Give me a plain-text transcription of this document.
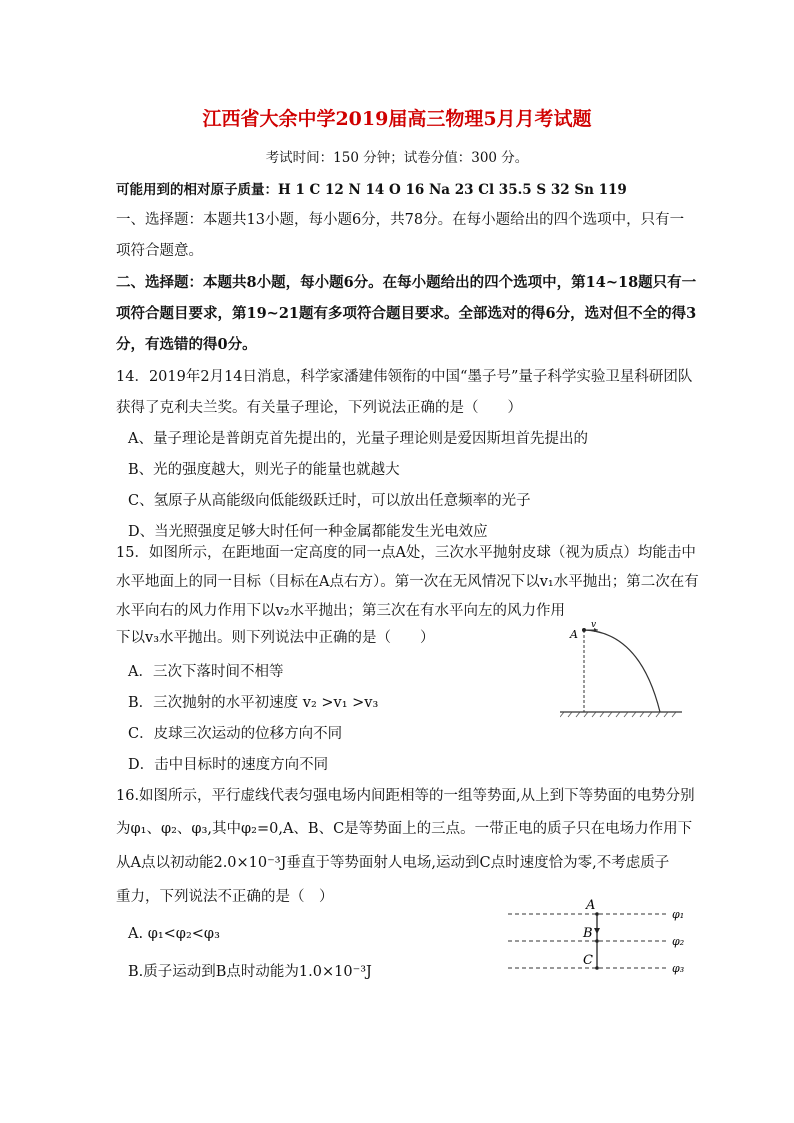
江西省大余中学2019届高三物理5月月考试题
考试时间：150 分钟；试卷分值：300 分。
可能用到的相对原子质量：H 1 C 12 N 14 O 16 Na 23 Cl 35.5 S 32 Sn 119
一、选择题：本题共13小题，每小题6分，共78分。在每小题给出的四个选项中，只有一
项符合题意。
二、选择题：本题共8小题，每小题6分。在每小题给出的四个选项中，第14~18题只有一
项符合题目要求，第19~21题有多项符合题目要求。全部选对的得6分，选对但不全的得3
分，有选错的得0分。
14．2019年2月14日消息，科学家潘建伟领衔的中国“墨子号”量子科学实验卫星科研团队
获得了克利夫兰奖。有关量子理论，下列说法正确的是（　　）
A、量子理论是普朗克首先提出的，光量子理论则是爱因斯坦首先提出的
B、光的强度越大，则光子的能量也就越大
C、氢原子从高能级向低能级跃迁时，可以放出任意频率的光子
D、当光照强度足够大时任何一种金属都能发生光电效应
15．如图所示，在距地面一定高度的同一点A处，三次水平抛射皮球（视为质点）均能击中
水平地面上的同一目标（目标在A点右方）。第一次在无风情况下以v₁水平抛出；第二次在有
水平向右的风力作用下以v₂水平抛出；第三次在有水平向左的风力作用
下以v₃水平抛出。则下列说法中正确的是（　　）
A．三次下落时间不相等
B．三次抛射的水平初速度 v₂ >v₁ >v₃
C．皮球三次运动的位移方向不同
D．击中目标时的速度方向不同
A
v
16.如图所示，平行虚线代表匀强电场内间距相等的一组等势面,从上到下等势面的电势分别
为φ₁、φ₂、φ₃,其中φ₂=0,A、B、C是等势面上的三点。一带正电的质子只在电场力作用下
从A点以初动能2.0×10⁻³J垂直于等势面射人电场,运动到C点时速度恰为零,不考虑质子
重力，下列说法不正确的是（　）
A. φ₁<φ₂<φ₃
B.质子运动到B点时动能为1.0×10⁻³J
A
B
C
φ₁
φ₂
φ₃
